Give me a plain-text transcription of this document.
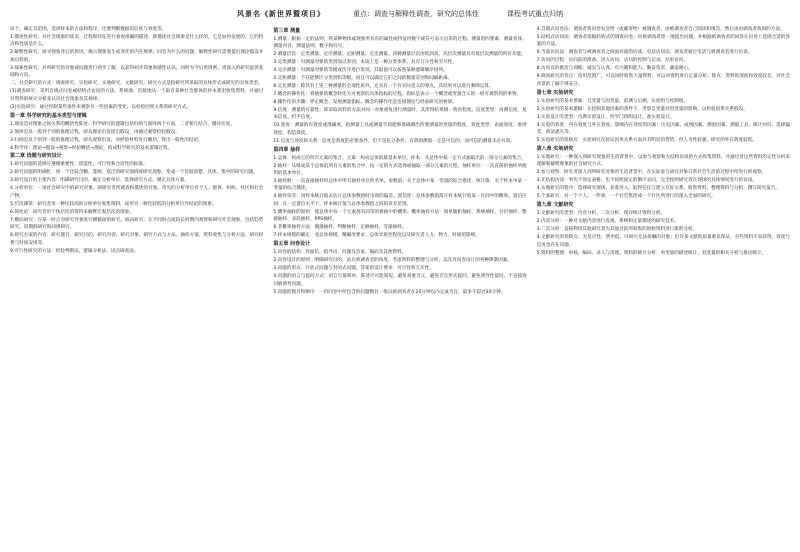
风景名《新世界暨项目》	重点：调查与解释性调查，研究的总体性	课程考试重点归纳

译个，确定其范围，选择样本的方法和程序，还要判断数据的信度与效度等。

1.描述性研究：对社会现象的状况、过程和特征进行客观准确的描述，即描述社会现象是什么样的，它是如何发展的，它的特点和性质是什么。

2.解释性研究：探寻现象背后的原因，揭示现象发生或变化的内在规律，回答为什么的问题。解释性研究需要提出理论假设并加以检验。

3.探索性研究：对所研究的对象或问题进行初步了解，以获得初步印象和感性认识，同时为今后更周密、更深入的研究提供基础和方向。

二、社会研究的方式：调查研究、实验研究、实地研究、文献研究。研究方式是指研究所采取的具体形式或研究的具体类型。

(1)调查研究：采用自填式问卷或结构式访问的方法，系统地、直接地从一个取自某种社会群体的样本那里收集资料，并通过对资料的统计分析来认识社会现象及其规律。

(2)实验研究：通过控制某些条件来观察另一些因素的变化，以检验因果关系的研究方式。

第一章 科学研究的基本类型与逻辑

1.理论是对现象之间关系的概括性陈述；科学研究的逻辑包括归纳与演绎两个方面，二者相互结合、循环往复。

2.演绎是从一般到个别的推理过程，即从理论出发提出假设，再通过观察检验假设。

3.归纳是从个别到一般的推理过程，即从观察出发，对经验材料进行概括，得出一般性的结论。

4.科学环：理论→假设→观察→经验概括→理论，构成科学研究的基本逻辑过程。

第二章 选题与研究设计

1.研究问题的选择应遵循重要性、创造性、可行性和合适性的标准。

2.研究问题的明确化：将一个比较含糊、笼统、宽泛的研究领域或研究现象，变成一个比较清楚、具体、集中的研究问题。

3.研究设计的主要内容：明确研究目的、确定分析单位、选择研究方式、制定具体方案。

4.分析单位：一项社会研究中的研究对象，即研究者所调查和描述的对象。常见的分析单位有个人、群体、组织、社区和社会产物。

5.层次谬误：研究者用一种比较高的分析单位收集资料，却用另一种比较低的分析单位作结论的现象。

6.简化论：研究者用个体层次的资料来解释宏观层次的现象。

7.横向研究：在某一时点对研究对象进行横截面的研究。纵向研究：在不同时点或较长时期内观察和研究社会现象，包括趋势研究、同期群研究和同组研究。

8.研究方案的内容：研究题目、研究目的、研究内容、研究对象、研究方式与方法、抽样方案、资料收集与分析方法、研究经费与时间安排等。

9.可行性研究的方法：经验判断法、逻辑分析法、试点调查法。

第三章 测量

1.测量：根据一定的法则，将某种物体或现象所具有的属性或特征用数字或符号表示出来的过程。测量的四要素：测量客体、测量内容、测量法则、数字和符号。

2.测量层次：定类测量、定序测量、定距测量、定比测量。四种测量层次由低到高，高层次测量具有低层次测量的所有功能。

3.定类测量：对测量对象的类别加以鉴别，本质上是一种分类体系，具有互斥性和穷尽性。

4.定序测量：对测量对象的等级或次序进行鉴别，其取值可以按照某种逻辑顺序排列。

5.定距测量：不仅能够区分类别和等级，而且可以确定它们之间的数量差别和间隔距离。

6.定比测量：除具有上述三种测量的全部性质外，还具有一个有实际意义的零点，其结果可以进行乘除运算。

7.概念的操作化：将抽象的概念转化为可观察的具体指标的过程。指标是表示一个概念或变量含义的一组可观察到的事物。

8.操作化的步骤：界定概念、发展测量指标。概念的操作化是连接理论与经验研究的桥梁。

9.信度：测量的可靠性，即采取同样的方法对同一对象重复进行测量时，其所得结果相一致的程度。信度类型：再测信度、复本信度、折半信度。

10.效度：测量的有效度或准确度，指测量工具或测量手段能够准确测出所要测量的变量的程度。效度类型：表面效度、准则效度、构造效度。

11.信度与效度的关系：信度是效度的必要条件，但不是充分条件；有效的测量一定是可信的，而可信的测量未必有效。

第四章 抽样

1.总体：构成它的所有元素的集合。元素：构成总体的最基本单位。样本：从总体中按一定方式抽取出的一部分元素的集合。

2.抽样：从组成某个总体的所有元素的集合中，按一定的方式选择或抽取一部分元素的过程。抽样单位：一次直接的抽样所使用的基本单位。

3.抽样框：一次直接抽样时总体中所有抽样单位的名单。参数值：关于总体中某一变量的综合描述。统计值：关于样本中某一变量的综合描述。

4.抽样误差：用样本统计值去估计总体参数值时出现的偏差。置信度：总体参数值落在样本统计值某一区间中的概率。置信区间：在一定置信水平下，样本统计值与总体参数值之间的误差范围。

5.概率抽样的原则：使总体中每一个元素都有同等的被抽中的概率。概率抽样方法：简单随机抽样、系统抽样、分层抽样、整群抽样、多段抽样、PPS抽样。

6.非概率抽样方法：偶遇抽样、判断抽样、定额抽样、雪球抽样。

7.样本规模的确定：受总体规模、精确度要求、总体异质性程度以及研究者人力、物力、时间的影响。

第五章 问卷设计

1.问卷的结构：封面信、指导语、问题及答案、编码及其他资料。

2.问卷设计的原则：明确研究目的，站在被调查者的角度，考虑资料的整理与分析，以及对问卷设计的各种限制因素。

3.问题的形式：开放式问题与封闭式问题。答案的设计要求：穷尽性和互斥性。

4.问题的语言与提问方式：语言尽量简单，陈述尽可能简短，避免双重含义，避免否定形式提问，避免诱导性提问，不直接询问敏感性问题。

5.问题的数目和顺序：一份问卷中所包含的问题数目一般以被调查者在20分钟以内完成为宜，最多不超过30分钟。

4.自填式问卷法：调查者将问卷发送给（或邮寄给）被调查者，由被调查者自己阅读和填答，然后再由调查者收回的方法。

5.结构式访问法：调查者依据结构式的调查问卷，向被调查者逐一地提出问题，并根据被调查者的回答在问卷上选择合适的答案的方法。

6.当面访问法：调查者与被调查者之间面对面的访谈。电话访问法：调查者通过电话与被调查者进行访谈。

7.访问的过程：访问前的准备、进入访问、访问的控制与记录、结束访问。

8.访问员的挑选与训练：诚实与认真、有兴趣和能力、勤奋负责、谦虚耐心。

9.调查研究的优点：适用范围广，可以同时收集大量资料，可以对资料进行定量分析；缺点：资料的深度和效度较差，对社会背景的了解不够充分。

第七章 实验研究

1.实验研究的基本要素：自变量与因变量、前测与后测、实验组与控制组。

2.实验研究的基本逻辑：在控制其他因素的条件下，考察自变量对因变量的影响，以检验因果关系假设。

3.实验设计的类型：古典实验设计、所罗门四组设计、准实验设计。

4.实验的效度：内在效度与外在效度。影响内在效度的因素：历史因素、成熟因素、测验因素、测量工具、统计回归、选择偏差、被试流失等。

5.实验研究的优缺点：实验研究在验证因果关系方面具有明显的优势，但人为性较强，研究的外在效度较低。

第八章 实地研究

1.实地研究：一种深入到研究现象的生活背景中，以参与观察和无结构访谈的方式收集资料，并通过对这些资料的定性分析来理解和解释现象的社会研究方式。

2.参与观察：研究者深入到所研究对象的生活背景中，在实际参与研究对象日常社会生活的过程中所进行的观察。

3.无结构访谈：事先不预定表格，也不按照固定的顺序去问，完全按照研究者在现场的具体情况进行的访谈。

4.实地研究的程序：选择研究现场、获准进入、取得信任与建立友好关系、收集资料、整理资料与分析、撰写研究报告。

5.个案研究：对一个个人、一件事、一个社会集团或一个社区所进行的深入全面的研究。

第九章 文献研究

1.文献研究的类型：内容分析、二次分析、现存统计资料分析。

2.内容分析：一种对文献内容进行客观、系统和定量描述的研究技术。

3.二次分析：直接利用其他研究者为其他目的所收集的原始资料进行新的分析。

4.文献研究的优缺点：无反应性、费用低、可研究无法接触的对象；但许多文献的质量难以保证，有些资料不易获得，效度与信度也存在问题。

5.资料的整理：审核、编码、录入与清理。资料的统计分析：单变量的描述统计、双变量的相关分析与推论统计。
